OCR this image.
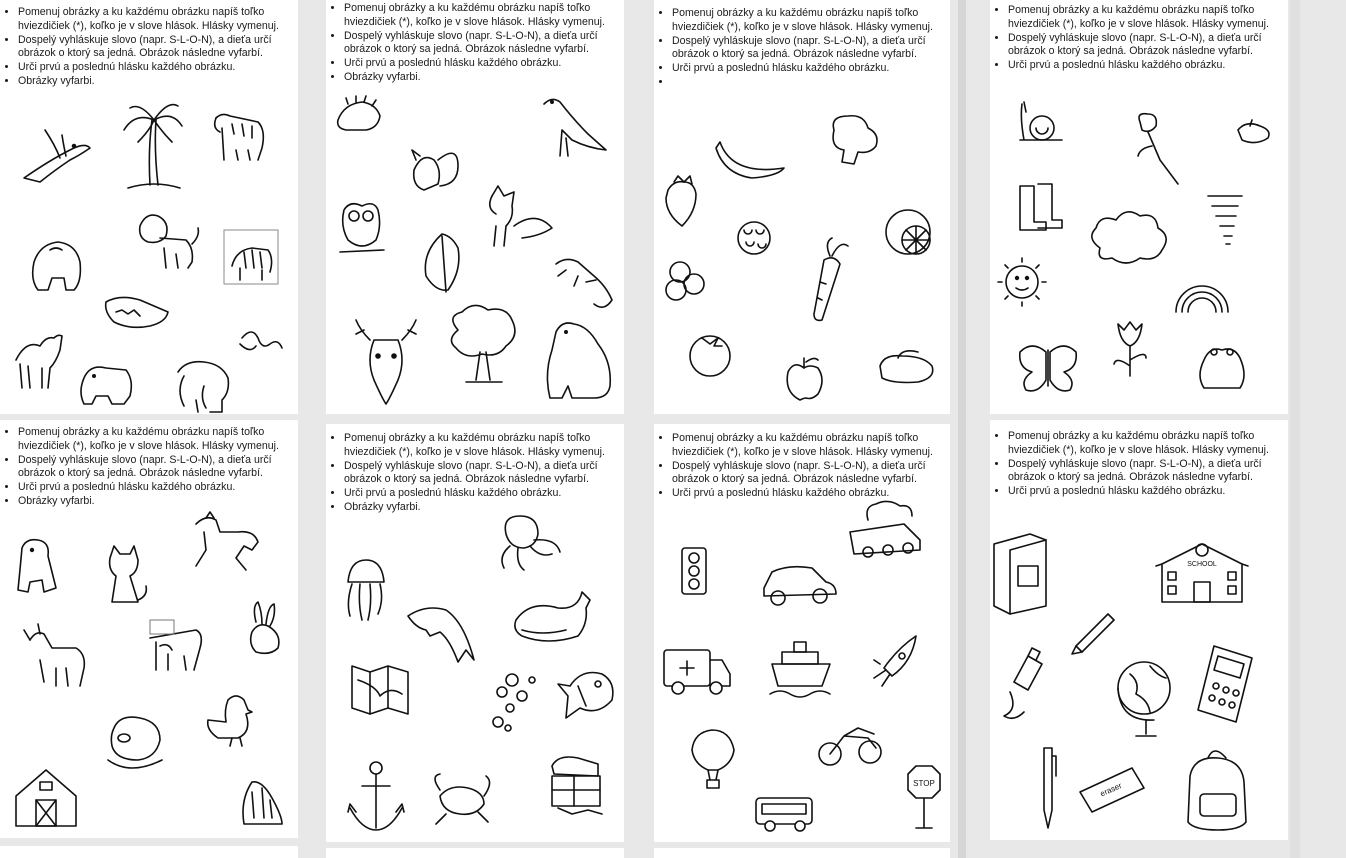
• Pomenuj obrázky a ku každému obrázku napíš toľko hviezdičiek (*), koľko je v slove hlások. Hlásky vymenuj.
• Dospelý vyhláskuje slovo (napr. S-L-O-N), a dieťa určí obrázok o ktorý sa jedná. Obrázok následne vyfarbí.
• Urči prvú a poslednú hlásku každého obrázku.
• Obrázky vyfarbi.
• Pomenuj obrázky a ku každému obrázku napíš toľko hviezdičiek (*), koľko je v slove hlások. Hlásky vymenuj.
• Dospelý vyhláskuje slovo (napr. S-L-O-N), a dieťa určí obrázok o ktorý sa jedná. Obrázok následne vyfarbí.
• Urči prvú a poslednú hlásku každého obrázku.
• Obrázky vyfarbi.
• Pomenuj obrázky a ku každému obrázku napíš toľko hviezdičiek (*), koľko je v slove hlások. Hlásky vymenuj.
• Dospelý vyhláskuje slovo (napr. S-L-O-N), a dieťa určí obrázok o ktorý sa jedná. Obrázok následne vyfarbí.
• Urči prvú a poslednú hlásku každého obrázku.
•
• Pomenuj obrázky a ku každému obrázku napíš toľko hviezdičiek (*), koľko je v slove hlások. Hlásky vymenuj.
• Dospelý vyhláskuje slovo (napr. S-L-O-N), a dieťa určí obrázok o ktorý sa jedná. Obrázok následne vyfarbí.
• Urči prvú a poslednú hlásku každého obrázku.
• Pomenuj obrázky a ku každému obrázku napíš toľko hviezdičiek (*), koľko je v slove hlások. Hlásky vymenuj.
• Dospelý vyhláskuje slovo (napr. S-L-O-N), a dieťa určí obrázok o ktorý sa jedná. Obrázok následne vyfarbí.
• Urči prvú a poslednú hlásku každého obrázku.
• Obrázky vyfarbi.
• Pomenuj obrázky a ku každému obrázku napíš toľko hviezdičiek (*), koľko je v slove hlások. Hlásky vymenuj.
• Dospelý vyhláskuje slovo (napr. S-L-O-N), a dieťa určí obrázok o ktorý sa jedná. Obrázok následne vyfarbí.
• Urči prvú a poslednú hlásku každého obrázku.
• Obrázky vyfarbi.
• Pomenuj obrázky a ku každému obrázku napíš toľko hviezdičiek (*), koľko je v slove hlások. Hlásky vymenuj.
• Dospelý vyhláskuje slovo (napr. S-L-O-N), a dieťa určí obrázok o ktorý sa jedná. Obrázok následne vyfarbí.
• Urči prvú a poslednú hlásku každého obrázku.
STOP
• Pomenuj obrázky a ku každému obrázku napíš toľko hviezdičiek (*), koľko je v slove hlások. Hlásky vymenuj.
• Dospelý vyhláskuje slovo (napr. S-L-O-N), a dieťa určí obrázok o ktorý sa jedná. Obrázok následne vyfarbí.
• Urči prvú a poslednú hlásku každého obrázku.
SCHOOL
eraser
